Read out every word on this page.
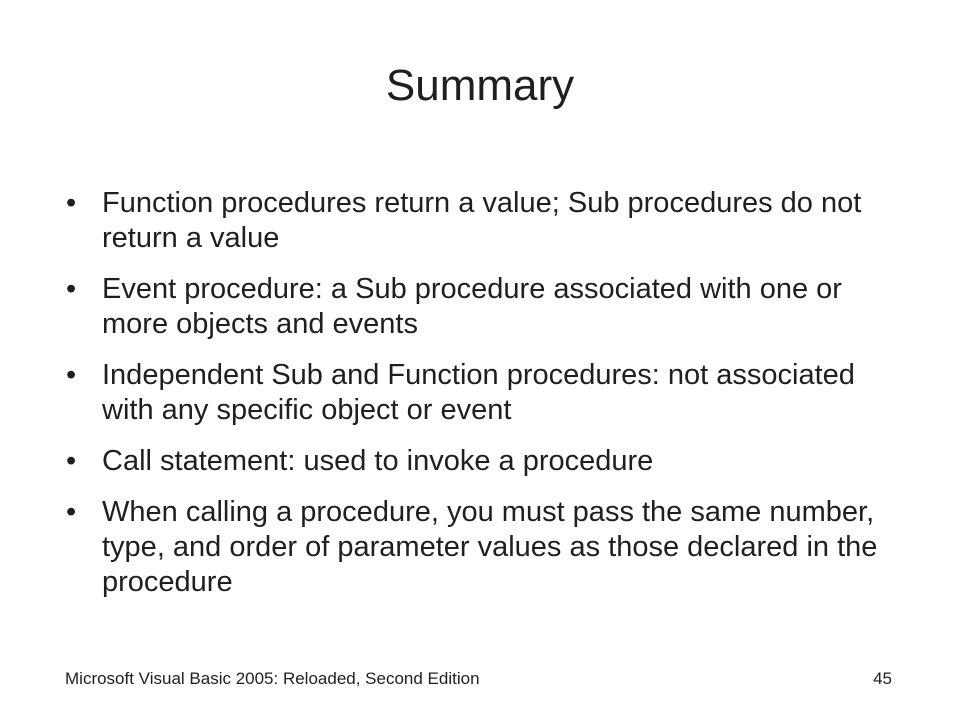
Summary
• Function procedures return a value; Sub procedures do not return a value
• Event procedure: a Sub procedure associated with one or more objects and events
• Independent Sub and Function procedures: not associated with any specific object or event
• Call statement: used to invoke a procedure
• When calling a procedure, you must pass the same number, type, and order of parameter values as those declared in the procedure
Microsoft Visual Basic 2005: Reloaded, Second Edition	45
